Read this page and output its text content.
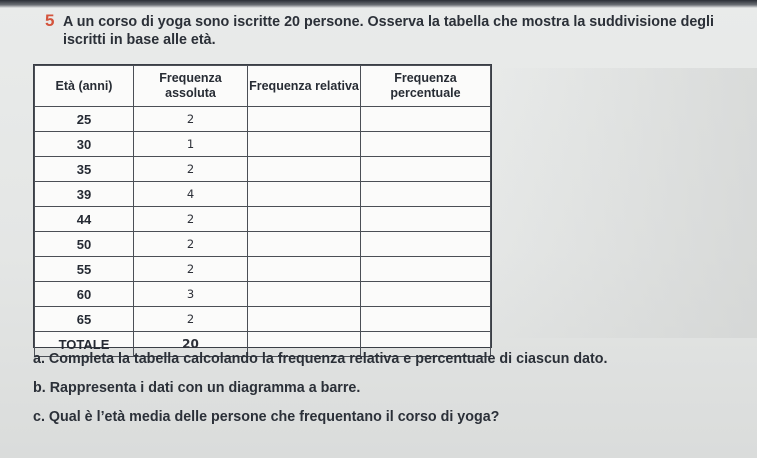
5 A un corso di yoga sono iscritte 20 persone. Osserva la tabella che mostra la suddivisione degli iscritti in base alle età.

Età (anni)	Frequenza assoluta	Frequenza relativa	Frequenza percentuale
25	2		
30	1		
35	2		
39	4		
44	2		
50	2		
55	2		
60	3		
65	2		
TOTALE	20		

a. Completa la tabella calcolando la frequenza relativa e percentuale di ciascun dato.

b. Rappresenta i dati con un diagramma a barre.

c. Qual è l’età media delle persone che frequentano il corso di yoga?
